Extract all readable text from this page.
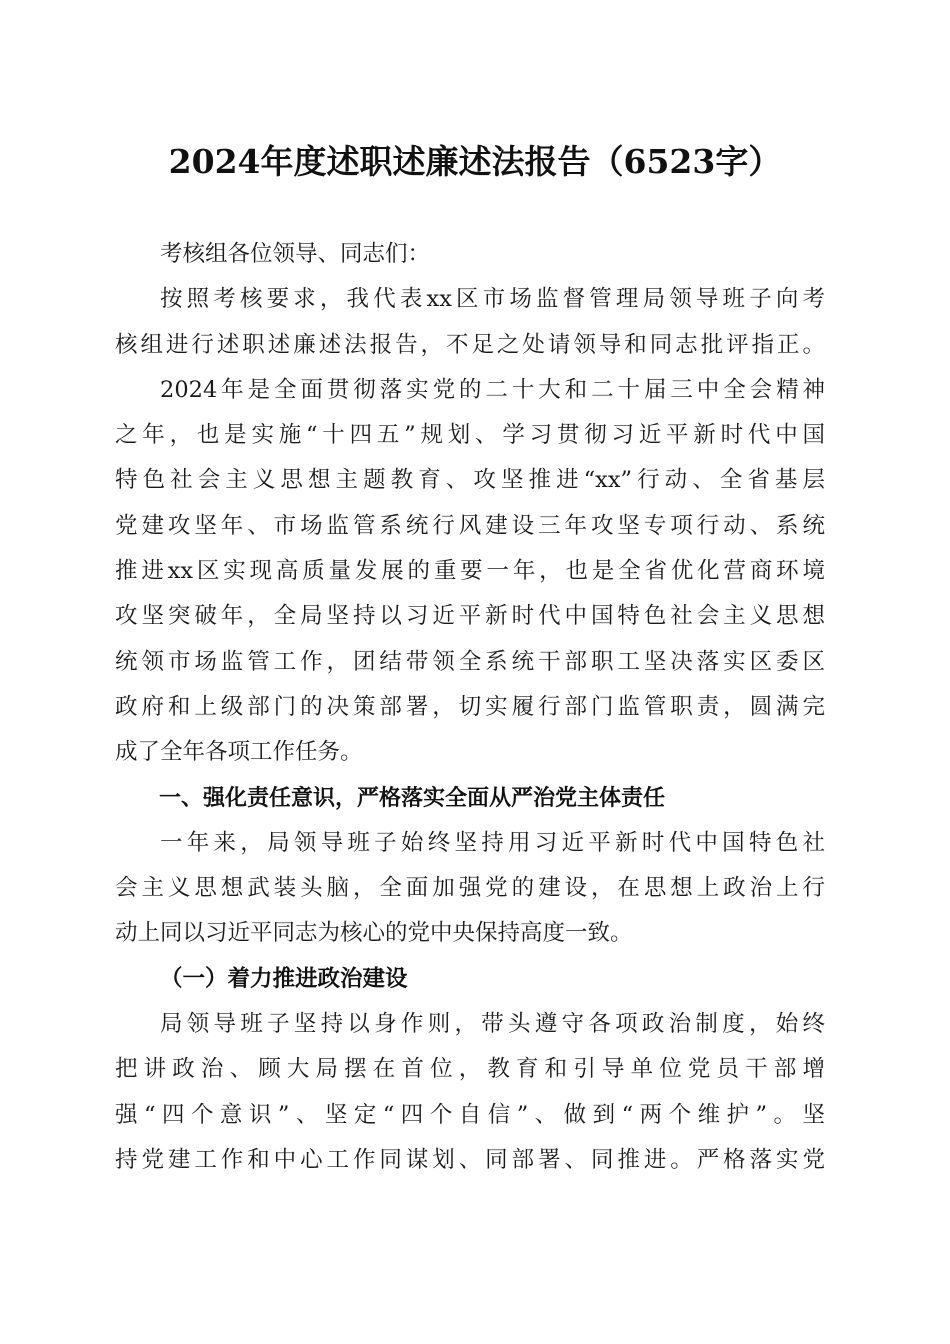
2024年度述职述廉述法报告（6523字）
考核组各位领导、同志们：
按照考核要求，我代表xx区市场监督管理局领导班子向考
核组进行述职述廉述法报告，不足之处请领导和同志批评指正。
2024年是全面贯彻落实党的二十大和二十届三中全会精神
之年，也是实施“十四五”规划、学习贯彻习近平新时代中国
特色社会主义思想主题教育、攻坚推进“xx”行动、全省基层
党建攻坚年、市场监管系统行风建设三年攻坚专项行动、系统
推进xx区实现高质量发展的重要一年，也是全省优化营商环境
攻坚突破年，全局坚持以习近平新时代中国特色社会主义思想
统领市场监管工作，团结带领全系统干部职工坚决落实区委区
政府和上级部门的决策部署，切实履行部门监管职责，圆满完
成了全年各项工作任务。

一、强化责任意识，严格落实全面从严治党主体责任

一年来，局领导班子始终坚持用习近平新时代中国特色社
会主义思想武装头脑，全面加强党的建设，在思想上政治上行
动上同以习近平同志为核心的党中央保持高度一致。

（一）着力推进政治建设

局领导班子坚持以身作则，带头遵守各项政治制度，始终
把讲政治、顾大局摆在首位，教育和引导单位党员干部增
强“四个意识”、坚定“四个自信”、做到“两个维护”。坚
持党建工作和中心工作同谋划、同部署、同推进。严格落实党
